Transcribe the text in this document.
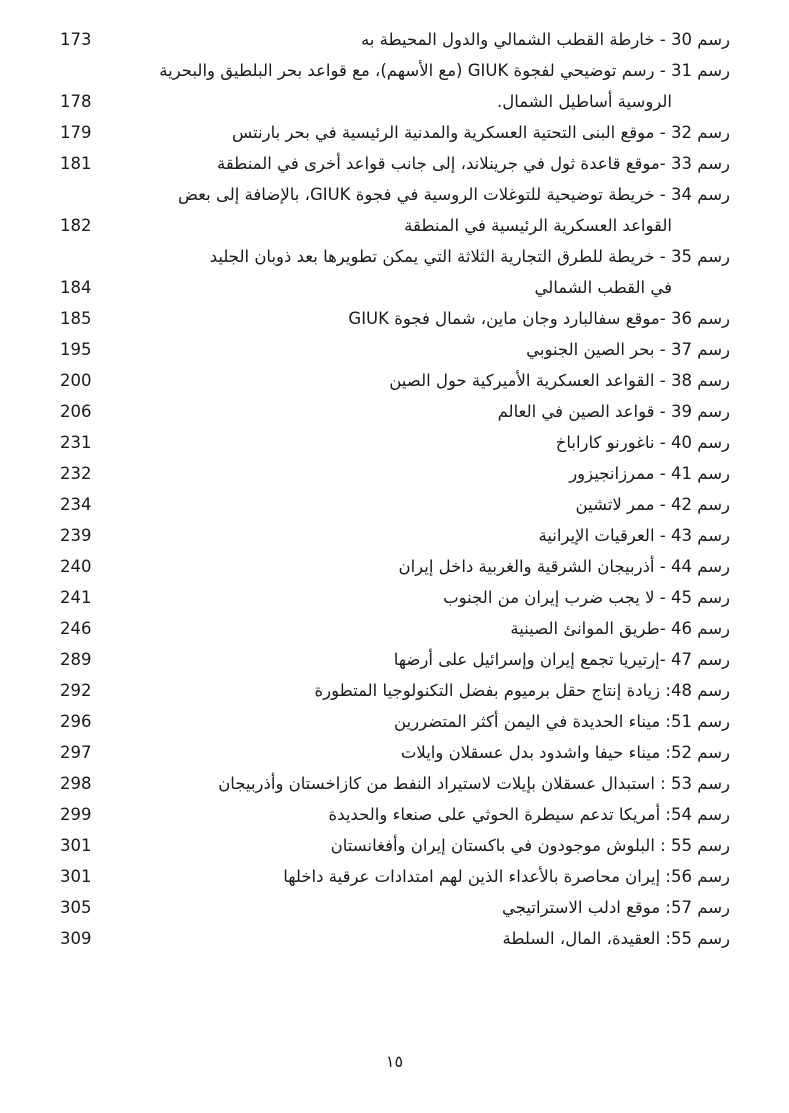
رسم 30 - خارطة القطب الشمالي والدول المحيطة به
173
رسم 31 - رسم توضيحي لفجوة GIUK (مع الأسهم)، مع قواعد بحر البلطيق والبحرية
الروسية أساطيل الشمال.
178
رسم 32 - موقع البنى التحتية العسكرية والمدنية الرئيسية في بحر بارنتس
179
رسم 33 -موقع قاعدة ثول في جرينلاند، إلى جانب قواعد أخرى في المنطقة
181
رسم 34 - خريطة توضيحية للتوغلات الروسية في فجوة GIUK، بالإضافة إلى بعض
القواعد العسكرية الرئيسية في المنطقة
182
رسم 35 - خريطة للطرق التجارية الثلاثة التي يمكن تطويرها بعد ذوبان الجليد
في القطب الشمالي
184
رسم 36 -موقع سفالبارد وجان ماين، شمال فجوة GIUK
185
رسم 37 - بحر الصين الجنوبي
195
رسم 38 - القواعد العسكرية الأميركية حول الصين
200
رسم 39 - قواعد الصين في العالم
206
رسم 40 - ناغورنو كاراباخ
231
رسم 41 - ممرزانجيزور
232
رسم 42 - ممر لاتشين
234
رسم 43 - العرقيات الإيرانية
239
رسم 44 - أذربيجان الشرقية والغربية داخل إيران
240
رسم 45 - لا يجب ضرب إيران من الجنوب
241
رسم 46 -طريق الموانئ الصينية
246
رسم 47 -إرتيريا تجمع إيران وإسرائيل على أرضها
289
رسم 48: زيادة إنتاج حقل برميوم بفضل التكنولوجيا المتطورة
292
رسم 51: ميناء الحديدة في اليمن أكثر المتضررين
296
رسم 52: ميناء حيفا واشدود بدل عسقلان وايلات
297
رسم 53 : استبدال عسقلان بإيلات لاستيراد النفط من كازاخستان وأذربيجان
298
رسم 54: أمريكا تدعم سيطرة الحوثي على صنعاء والحديدة
299
رسم 55 : البلوش موجودون في باكستان إيران وأفغانستان
301
رسم 56: إيران محاصرة بالأعداء الذين لهم امتدادات عرقية داخلها
301
رسم 57: موقع ادلب الاستراتيجي
305
رسم 55: العقيدة، المال، السلطة
309
١٥
